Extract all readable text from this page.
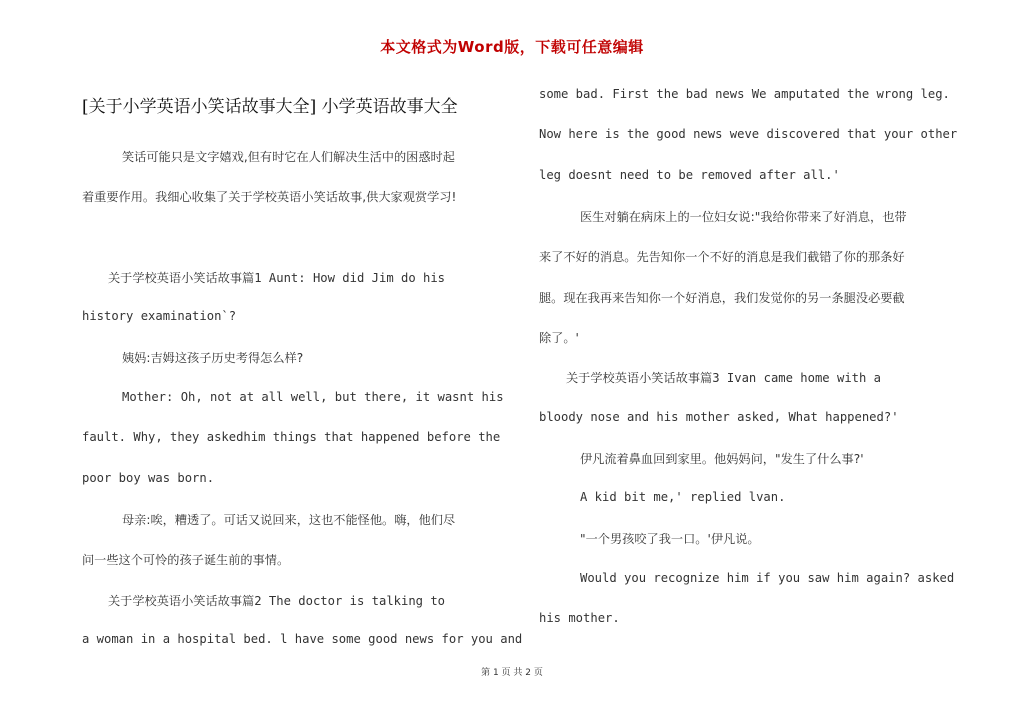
本文格式为Word版，下载可任意编辑
[关于小学英语小笑话故事大全] 小学英语故事大全
笑话可能只是文字嬉戏,但有时它在人们解决生活中的困惑时起
着重要作用。我细心收集了关于学校英语小笑话故事,供大家观赏学习!
关于学校英语小笑话故事篇1 Aunt: How did Jim do his
history examination`?
姨妈:吉姆这孩子历史考得怎么样?
Mother: Oh, not at all well, but there, it wasnt his
fault. Why, they askedhim things that happened before the
poor boy was born.
母亲:唉，糟透了。可话又说回来，这也不能怪他。嗨，他们尽
问一些这个可怜的孩子诞生前的事情。
关于学校英语小笑话故事篇2 The doctor is talking to
a woman in a hospital bed. l have some good news for you and
some bad. First the bad news We amputated the wrong leg.
Now here is the good news weve discovered that your other
leg doesnt need to be removed after all.'
医生对躺在病床上的一位妇女说:"我给你带来了好消息，也带
来了不好的消息。先告知你一个不好的消息是我们截错了你的那条好
腿。现在我再来告知你一个好消息，我们发觉你的另一条腿没必要截
除了。'
关于学校英语小笑话故事篇3 Ivan came home with a
bloody nose and his mother asked, What happened?'
伊凡流着鼻血回到家里。他妈妈问，"发生了什么事?'
A kid bit me,' replied lvan.
"一个男孩咬了我一口。'伊凡说。
Would you recognize him if you saw him again? asked
his mother.
第 1 页 共 2 页
